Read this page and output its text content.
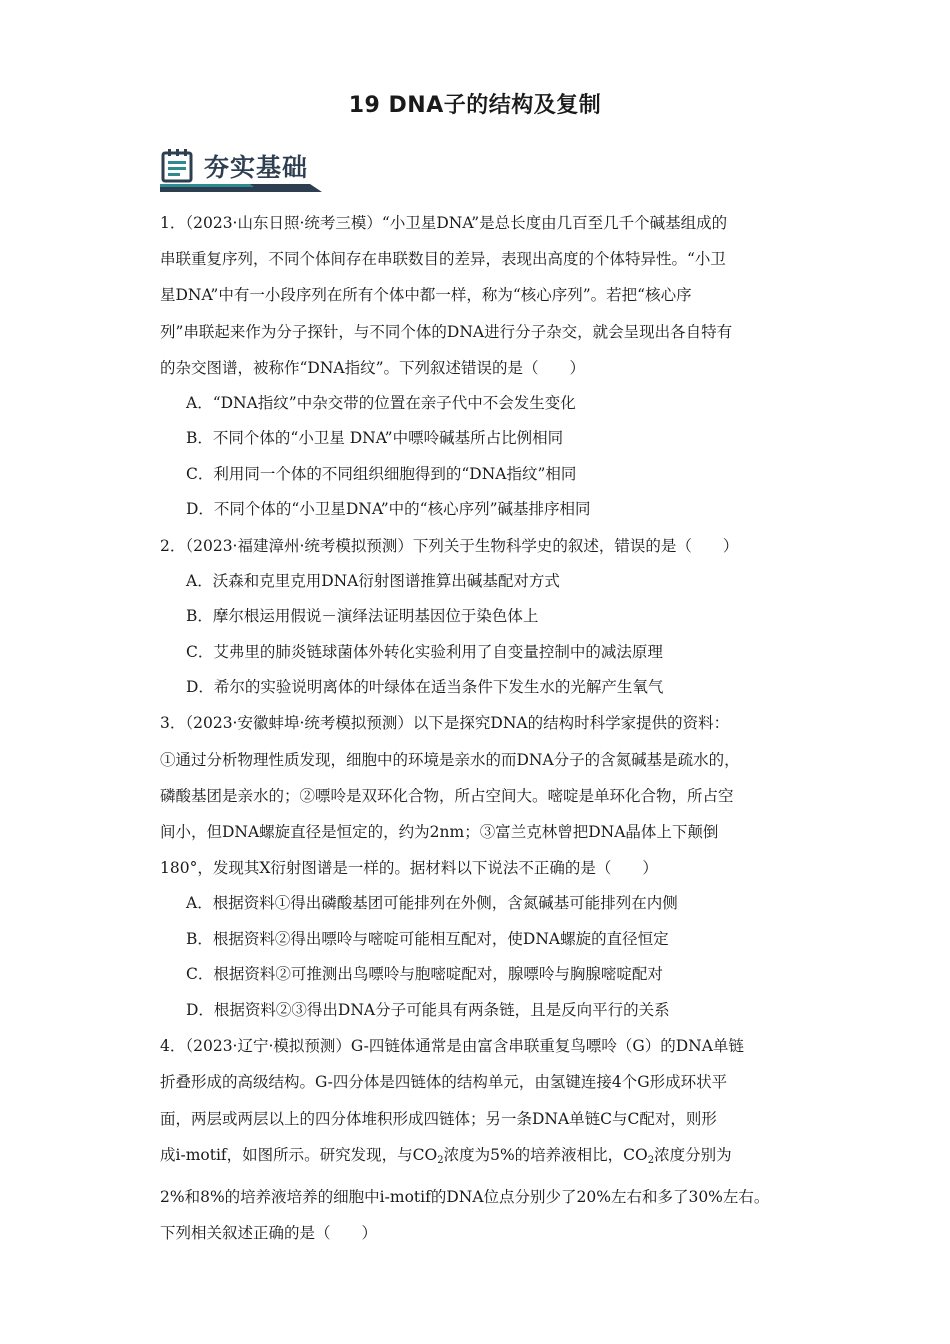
19 DNA子的结构及复制
夯实基础

1．（2023·山东日照·统考三模）“小卫星DNA”是总长度由几百至几千个碱基组成的

串联重复序列，不同个体间存在串联数目的差异，表现出高度的个体特异性。“小卫

星DNA”中有一小段序列在所有个体中都一样，称为“核心序列”。若把“核心序

列”串联起来作为分子探针，与不同个体的DNA进行分子杂交，就会呈现出各自特有

的杂交图谱，被称作“DNA指纹”。下列叙述错误的是（　　）

A．“DNA指纹”中杂交带的位置在亲子代中不会发生变化

B．不同个体的“小卫星 DNA”中嘌呤碱基所占比例相同

C．利用同一个体的不同组织细胞得到的“DNA指纹”相同

D．不同个体的“小卫星DNA”中的“核心序列”碱基排序相同

2．（2023·福建漳州·统考模拟预测）下列关于生物科学史的叙述，错误的是（　　）

A．沃森和克里克用DNA衍射图谱推算出碱基配对方式

B．摩尔根运用假说－演绎法证明基因位于染色体上

C．艾弗里的肺炎链球菌体外转化实验利用了自变量控制中的减法原理

D．希尔的实验说明离体的叶绿体在适当条件下发生水的光解产生氧气

3．（2023·安徽蚌埠·统考模拟预测）以下是探究DNA的结构时科学家提供的资料：

①通过分析物理性质发现，细胞中的环境是亲水的而DNA分子的含氮碱基是疏水的，

磷酸基团是亲水的；②嘌呤是双环化合物，所占空间大。嘧啶是单环化合物，所占空

间小，但DNA螺旋直径是恒定的，约为2nm；③富兰克林曾把DNA晶体上下颠倒

180°，发现其X衍射图谱是一样的。据材料以下说法不正确的是（　　）

A．根据资料①得出磷酸基团可能排列在外侧，含氮碱基可能排列在内侧

B．根据资料②得出嘌呤与嘧啶可能相互配对，使DNA螺旋的直径恒定

C．根据资料②可推测出鸟嘌呤与胞嘧啶配对，腺嘌呤与胸腺嘧啶配对

D．根据资料②③得出DNA分子可能具有两条链，且是反向平行的关系

4．（2023·辽宁·模拟预测）G-四链体通常是由富含串联重复鸟嘌呤（G）的DNA单链

折叠形成的高级结构。G-四分体是四链体的结构单元，由氢键连接4个G形成环状平

面，两层或两层以上的四分体堆积形成四链体；另一条DNA单链C与C配对，则形

成i-motif，如图所示。研究发现，与CO2浓度为5%的培养液相比，CO2浓度分别为

2%和8%的培养液培养的细胞中i-motif的DNA位点分别少了20%左右和多了30%左右。

下列相关叙述正确的是（　　）
